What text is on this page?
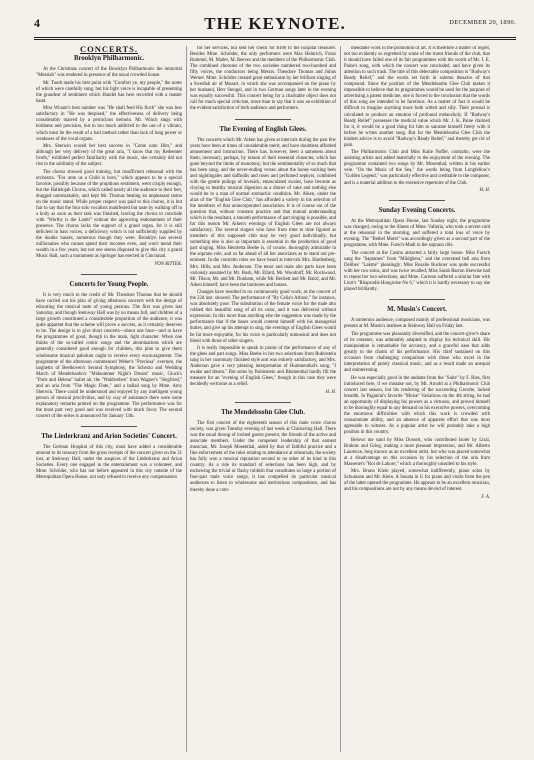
4	THE KEYNOTE.	DECEMBER 20, 1890.
CONCERTS.
Brooklyn Philharmonic.

At the Christmas concert of the Brooklyn Philharmonic the immortal "Messiah" was rendered in presence of the usual crowded house.

Mr. Toedt made his best point with "Comfort ye, my people," the notes of which were carefully sung, but his light voice is incapable of presenting the grandeur of sentiment which Handel has here recorded with a master hand.

Miss Winant's best number was "He shall feed His flock" she was less satisfactory in "He was despised," the effectiveness of delivery being considerably marred by a pernicious tremolo. Mr. Winch sings with boldness and precision, but in too much addicted to the use of a vibrato, which must be the result of a bad method rather than lack of lung power or weakness of the vocal organs.

Mrs. Sherwin scored her best success in "Come unto Him," and although her very delivery of the great aria, "I know that my Redeemer liveth," exhibited perfect familiarity with the music, she certainly did not rise to the sublimity of the subject.

The chorus showed good training, but insufficient rehearsal with the orchestra. "For unto us a Child is born," which appears to be a special favorite, possibly because of the propitious sentiment, went crisply enough, but the Hallelujah Chorus, which called nearly all the audience to their feet, dragged unmistakably, and kept Mr. Thomas beating an unpleasant tattoo on the music stand. While proper respect was paid to this chorus, it is but fair to say that the four solo vocalists manifested but taste by walking off in a body as soon as their task was finished, leaving the chorus to conclude with "Worthy is the Lamb" without the approving endorsement of their presence. The chorus lacks the support of a grand organ, for it is still deficient in bass voices, a deficiency which is not sufficiently supplied by the double basses, numerous though they were. Brooklyn has several millionaires who cannot spend their incomes even, and won't mend their wealth in a few years; but not one seems disposed to give this city a grand Music Hall, such a monument as Springer has erected in Cincinnati.

VON RITTER.
Concerts for Young People.

It is very much to the credit of Mr. Theodore Thomas that he should have carried out his plan of giving afternoon concerts with the design of educating the musical taste of young persons. The first was given last Saturday, and though Steinway Hall was by no means full, and children of a large growth constituted a considerable proportion of the audience, it was quite apparent that the scheme will prove a success, as it certainly deserves to be. The design is to give short concerts—about one hour—and to have the programmes of good, though in the main, light character. When one thinks of the so-called comic songs and the abominations which are generally considered good enough for children, this plan to give them wholesome musical pabulum ought to receive every encouragement. The programme of the afternoon commenced Weber's "Preciosa" overture, the larghetto of Beethoven's Second Symphony, the Scherzo and Wedding March of Mendelssohn's "Midsummer Night's Dream" music, Gluck's "Paris and Helena" ballet air, the "Waldweben" from Wagner's "Siegfried," and an aria from "The Magic Flute," and a ballad sung by Mme. Amy Sherwin. There could be understood and enjoyed by any intelligent young person of musical proclivities, and by way of assistance there were some explanatory remarks printed on the programme. The performance was for the most part very good and was received with much favor. The second concert of the series is announced for January 13th.

The Liederkranz and Arion Societies' Concert.

The German Hospital of this city, must have added a considerable amount to its treasury from the gross receipts of the concert given on the 21 inst, at Steinway Hall, under the auspices of the Liederkranz and Arion Societies. Every one engaged in the entertainment was a volunteer, and Mme. Schröder, who has not before appeared in this city outside of the Metropolitan Opera House, not only refused to receive any compensation

for her services, but sent her check for $100 to the hospital treasurer. Besides Mme. Schröder, the only performers were Max Heinrich, Franz Rummel, M. Mader, M. Reeves and the members of the Philharmonic Club. The combined choruses of the two societies numbered two-hundred and fifty voices, the conductors being Messrs. Theodore Thomas and Julius Werner. Mme. Schröder created great enthusiasm by her brilliant singing of a Swedish air of Mozart, in which she was accompanied on the piano by her husband, Herr Stengel, and in two German songs later in the evening was equally successful. This concert being for a charitable object does not call for much special criticism, more than to say that it was an exhibition of the evident satisfaction of both audience and performers.

The Evening of English Glees.

The concerts which Mr. Aiken has given at intervals during the past few years have been at times of considerable merit, and have doubtless afforded amusement and instruction. There has, however, been a sameness about them, necessary, perhaps, by reason of their essential character, which has gone beyond the limits of monotony; but the sentimentality of so much that has been sung, and the never-ending verses about the honey-sucking bees and nightingales and daffodils and roses and perfumed zephyrs, combined with the gentle pulings of lovesick, emasculated swains, have become as cloying to healthy musical digestion as a dinner of cake and nothing else would be to a man of normal stomachic condition. Mr. Aiken, under the alias of the "English Glee Club," has afforded a variety in his selection of the members of that unincorporated association. It is of course out of the question that, without constant practice and that mutual understanding which is the resultant, a smooth performance of part singing is possible, and for this reason Mr. Aiken's evenings of English Glees are not always satisfactory. The several singers who have from time to time figured as members of this supposed club may be very good individually, but something else is also as important is essential in the production of good part singing. Miss Henrietta Beebe is, of course, thoroughly admirable in the soprano role, and so far ahead of all her associates as to stand out pre-eminent. In the contralto roles we have heard at intervals Mrs. Hardenberg, Mrs. Hills, and Mrs. Anderson. The tenor and male alto parts have been variously assumed by Mr. Bush, Mr. Ellard, Mr. Woodruff, Mr. Rockwood, Mr. Tilson, Mr. and Mr. Dunham, while Mr. Beckett and Mr. Baird, and Mr. Aiken himself, have been the baritones and basses.

Changes have resulted in no continuously good work, as the concert of the 22d inst. showed. The performance of "By Celia's Arbour," for instance, was absolutely poor. The substitution of the female voice for the male alto robbed this beautiful song of all its color, and it was delivered without expression. In this more than anything else the suggestion was made by the performance that if the bases would content himself with his managerial duties, and give up his attempt to sing, the evenings of English Glees would be far more enjoyable, for his voice is particularly unmusical and does not blend with those of other singers.

It is really impossible to speak in praise of the performance of any of the glees and part songs. Miss Beebe in her two selections from Rubinstein sang in her customary finished style and was entirely satisfactory, and Mrs. Anderson gave a very pleasing interpretation of Hummenthal's song, "I awake and dream." But solos by Rubinstein and Blumenthal hardly fill the measure for an "evening of English Glees," though in this case they were decidedly welcome as a relief.

H. H.
The Mendelssohn Glee Club.

The first concert of the eighteenth season of this male voice chorus society, was given Tuesday evening of last week at Chickering Hall. There was the usual throng of invited guests present, the friends of the active and associate members. Under the competent leadership of that earnest musician, Mr. Joseph Mosenthal, aided by that of faithful practice and a fine enforcement of the rules relating to attendance at rehearsals, the society has fully won a musical reputation second to no other of its kind in this country. As a rule its standard of selections has been high, and by eschewing the trivial or flashy rubbish that constitutes so large a portion of four-part male voice songs, it has compelled its particular musical audiences to listen to wholesome and meritorious compositions, and has thereby done a com-

mendable work in the promotion of art. It is therefore a matter of regret, not too evidently so regretted by some of the truest friends of the club, that it should have failed one of its fair programmes with the words of Mr. J. E. Paine's song, with which the concert was concluded, and have given its attention to such trash. The title of this delectable composition is "Rudway's Ready Relief," and the words set forth in solemn thesalve of that compound. Since the position of the Mendelssohn Glee Club makes it impossible to believe that its programmes would be used for the purpose of advertising a patent medicine, one is forced to the conclusion that the words of this song are intended to be facetious. As a matter of fact it would be difficult to imagine anything more both witted and silly. Their perusal is calculated to produce an emotion of profound melancholy. If "Radway's Ready Relief" possesses the medical value which Mr. J. K. Paine claimed for it, it would be a good thing for him to saturate himself freely with it before he writes another song. But for the Mendelssohn Glee Club the kindest advice is to avoid "Radway's Ready Relief," and thereby get rid of pain.

The Philharmonic Club and Miss Katie Noffer, contralto, were the assisting artists and added materially to the enjoyment of the evening. The programme contained two songs by Mr. Mosenthal, written in his earlier vein. "On the Music of the Sea," the words being from Longfellow's "Golden Legend," was particularly effective and creditable to the composer, and is a material addition to the extensive repertoire of the Club.

H. H.
Sunday Evening Concerts.

At the Metropolitan Opera House, last Sunday night, the programme was changed, owing to the illness of Mme. Valleria, who took a severe cold at the rehearsal in the morning, and suffered a total loss of voice by evening. The "Bethel Motet" was accordingly given as a second part of the programme, with Mme. Fursch-Madi in the soprano rôle.

The concert at the Casino attracted a fairly large house. Miss Fursch sang the "Saptames" from "Mildghera," and the overrated bell aria from Delibes' "Lakmé" pleasingly; Miss Rosalie Buckner was quite successful with her two solos, and was twice recalled; Miss Sarah Barron likewise had to repeat her two selections, and Mme. Carreno suffered a similar fate with Liszt's "Rhapsodie Hongroise No 6," which it is hardly necessary to say she played brilliantly.

M. Musin's Concert.

A numerous audience, composed mainly of professional musicians, was present at M. Musin's matinee at Steinway Hall on Friday last.

The programme was pleasantly diversified, and the concert-giver's share of its contents, was admirably adapted to display his technical skill. His manipulation is remarkable for accuracy, and a graceful ease that adds greatly to the charm of his performance. His chief sustained on this occasion from challenging comparison with those who excel in the interpretation of purely classical music, and as a result made an unequal and uninteresting.

He was especially good in the andante from the "Suite" by F. Ries, first introduced here, if we mistake not, by Mr. Arnold at a Philharmonic Club concert last season, but his rendering of the succeeding Gavotte, lacked breadth. In Paganini's favorite "Moise" Variations on the 4th string, he had an opportunity of displaying his powers as a virtuoso, and proved himself to be thoroughly equal to any demand on his executive powers, overcoming the enormous difficulties with which this work is crowded with consummate ability, and an absence of apparent effort that was most agreeable to witness. As a popular artist he will probably take a high position in this country.

Belows me sand by Miss Dossert, who contributed Isoler by Liszt, Brahms and Grieg, making a most pleasant impression, and Mr. Alberto Laurence, long known as an excellent artist, but who was placed somewhat at a disadvantage on this occasion by his selection of the aria from Massenet's "Roi de Lahore," which a thoroughly unsuited to his style.

Mrs. Bruno Klein played, somewhat indifferently, piano solos by Schumann and Mr. Klein. A Sonata in G for piano and violin from the pen of the latter opened the programme. He appears to be an excellent musician, and his compositions are not by any means devoid of interest.

F. A.
